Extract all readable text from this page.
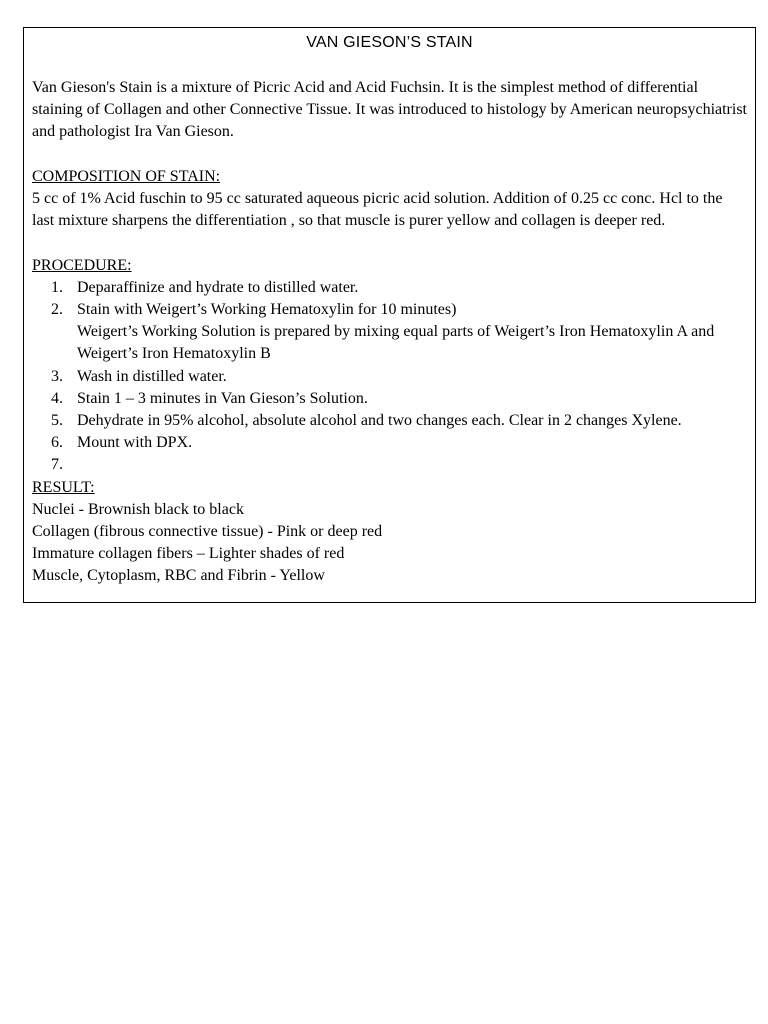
VAN GIESON’S STAIN

Van Gieson's Stain is a mixture of Picric Acid and Acid Fuchsin. It is the simplest method of differential staining of Collagen and other Connective Tissue. It was introduced to histology by American neuropsychiatrist and pathologist Ira Van Gieson.

COMPOSITION OF STAIN:

5 cc of 1% Acid fuschin to 95 cc saturated aqueous picric acid solution. Addition of 0.25 cc conc. Hcl to the last mixture sharpens the differentiation , so that muscle is purer yellow and collagen is deeper red.

PROCEDURE:

1. Deparaffinize and hydrate to distilled water.
2. Stain with Weigert’s Working Hematoxylin for 10 minutes)
Weigert’s Working Solution is prepared by mixing equal parts of Weigert’s Iron Hematoxylin A and Weigert’s Iron Hematoxylin B
3. Wash in distilled water.
4. Stain 1 – 3 minutes in Van Gieson’s Solution.
5. Dehydrate in 95% alcohol, absolute alcohol and two changes each. Clear in 2 changes Xylene.
6. Mount with DPX.
7.

RESULT:

Nuclei - Brownish black to black

Collagen (fibrous connective tissue) - Pink or deep red

Immature collagen fibers – Lighter shades of red

Muscle, Cytoplasm, RBC and Fibrin - Yellow
